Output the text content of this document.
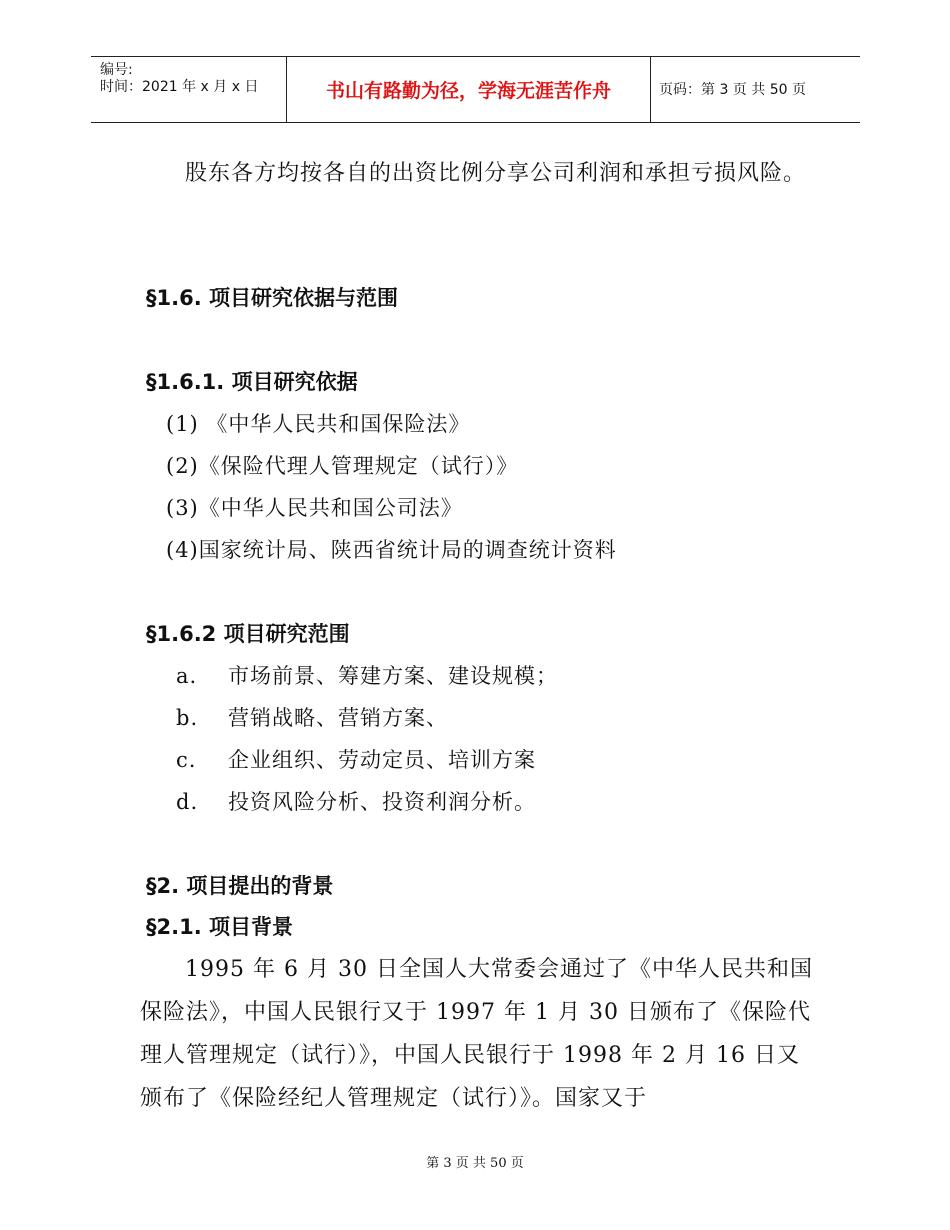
编号:
时间：2021 年 x 月 x 日	书山有路勤为径，学海无涯苦作舟	页码：第 3 页 共 50 页
股东各方均按各自的出资比例分享公司利润和承担亏损风险。
§1.6. 项目研究依据与范围
§1.6.1. 项目研究依据
(1) 《中华人民共和国保险法》
(2)《保险代理人管理规定（试行）》
(3)《中华人民共和国公司法》
(4)国家统计局、陕西省统计局的调查统计资料
§1.6.2 项目研究范围
a. 市场前景、筹建方案、建设规模；
b. 营销战略、营销方案、
c. 企业组织、劳动定员、培训方案
d. 投资风险分析、投资利润分析。
§2. 项目提出的背景
§2.1. 项目背景
1995 年 6 月 30 日全国人大常委会通过了《中华人民共和国保险法》，中国人民银行又于 1997 年 1 月 30 日颁布了《保险代理人管理规定（试行）》，中国人民银行于 1998 年 2 月 16 日又颁布了《保险经纪人管理规定（试行）》。国家又于
第 3 页 共 50 页
